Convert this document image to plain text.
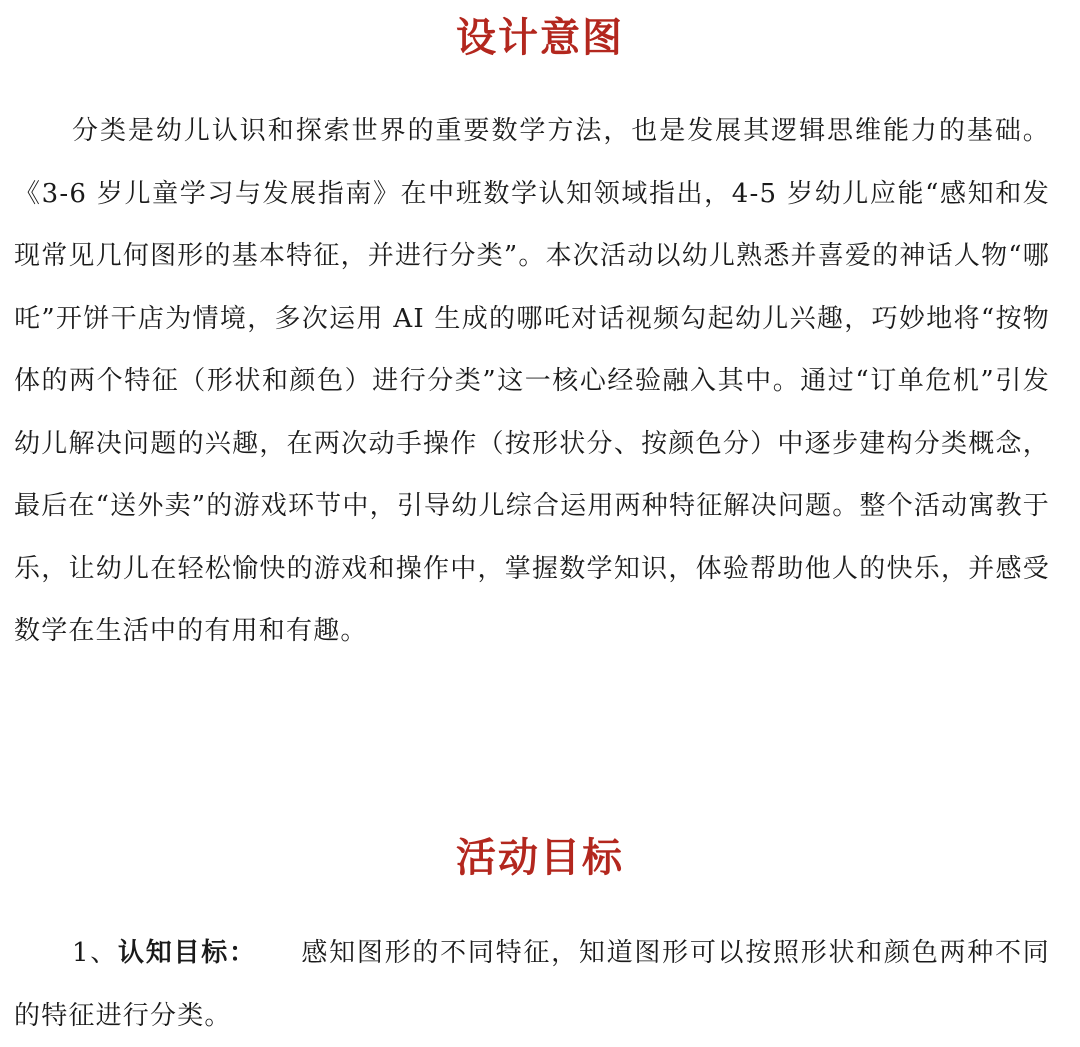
设计意图

分类是幼儿认识和探索世界的重要数学方法，也是发展其逻辑思维能力的基础。《3-6 岁儿童学习与发展指南》在中班数学认知领域指出，4-5 岁幼儿应能“感知和发现常见几何图形的基本特征，并进行分类”。本次活动以幼儿熟悉并喜爱的神话人物“哪吒”开饼干店为情境，多次运用 AI 生成的哪吒对话视频勾起幼儿兴趣，巧妙地将“按物体的两个特征（形状和颜色）进行分类”这一核心经验融入其中。通过“订单危机”引发幼儿解决问题的兴趣，在两次动手操作（按形状分、按颜色分）中逐步建构分类概念，最后在“送外卖”的游戏环节中，引导幼儿综合运用两种特征解决问题。整个活动寓教于乐，让幼儿在轻松愉快的游戏和操作中，掌握数学知识，体验帮助他人的快乐，并感受数学在生活中的有用和有趣。

活动目标

1、认知目标： 感知图形的不同特征，知道图形可以按照形状和颜色两种不同的特征进行分类。
